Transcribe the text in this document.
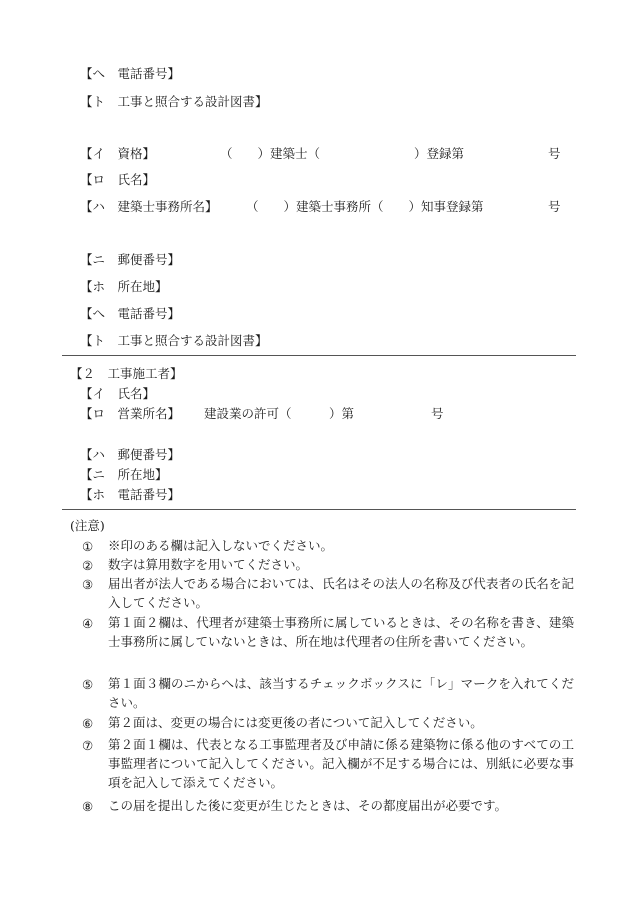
【へ　電話番号】
【ト　工事と照合する設計図書】
【イ　資格】	（　　）建築士（	）登録第	号
【ロ　氏名】
【ハ　建築士事務所名】 （　　）建築士事務所（　　）知事登録第	号
【ニ　郵便番号】
【ホ　所在地】
【へ　電話番号】
【ト　工事と照合する設計図書】
【２　工事施工者】
【イ　氏名】
【ロ　営業所名】 建設業の許可（　　　）第	号
【ハ　郵便番号】
【ニ　所在地】
【ホ　電話番号】
(注意)
① ※印のある欄は記入しないでください。
② 数字は算用数字を用いてください。
③ 届出者が法人である場合においては、氏名はその法人の名称及び代表者の氏名を記入してください。
④ 第１面２欄は、代理者が建築士事務所に属しているときは、その名称を書き、建築士事務所に属していないときは、所在地は代理者の住所を書いてください。
⑤ 第１面３欄のニからへは、該当するチェックボックスに「レ」マークを入れてください。
⑥ 第２面は、変更の場合には変更後の者について記入してください。
⑦ 第２面１欄は、代表となる工事監理者及び申請に係る建築物に係る他のすべての工事監理者について記入してください。記入欄が不足する場合には、別紙に必要な事項を記入して添えてください。
⑧ この届を提出した後に変更が生じたときは、その都度届出が必要です。
